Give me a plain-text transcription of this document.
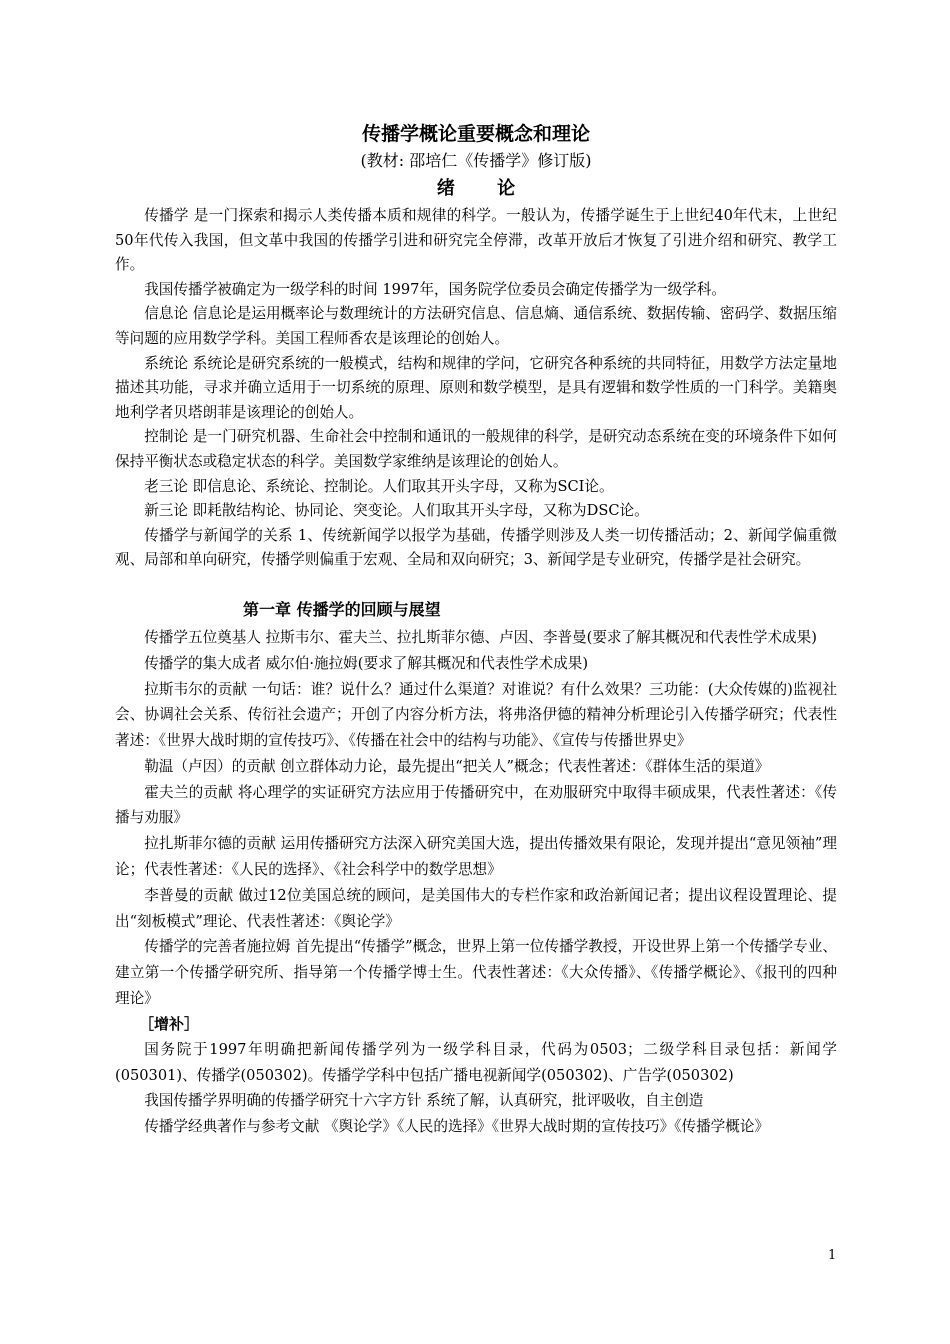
传播学概论重要概念和理论
(教材: 邵培仁《传播学》修订版)
绪 论

传播学 是一门探索和揭示人类传播本质和规律的科学。一般认为，传播学诞生于上世纪40年代末，上世纪50年代传入我国，但文革中我国的传播学引进和研究完全停滞，改革开放后才恢复了引进介绍和研究、教学工作。

我国传播学被确定为一级学科的时间 1997年，国务院学位委员会确定传播学为一级学科。

信息论 信息论是运用概率论与数理统计的方法研究信息、信息熵、通信系统、数据传输、密码学、数据压缩等问题的应用数学学科。美国工程师香农是该理论的创始人。

系统论 系统论是研究系统的一般模式，结构和规律的学问，它研究各种系统的共同特征，用数学方法定量地描述其功能，寻求并确立适用于一切系统的原理、原则和数学模型，是具有逻辑和数学性质的一门科学。美籍奥地利学者贝塔朗菲是该理论的创始人。

控制论 是一门研究机器、生命社会中控制和通讯的一般规律的科学，是研究动态系统在变的环境条件下如何保持平衡状态或稳定状态的科学。美国数学家维纳是该理论的创始人。

老三论 即信息论、系统论、控制论。人们取其开头字母，又称为SCI论。

新三论 即耗散结构论、协同论、突变论。人们取其开头字母，又称为DSC论。

传播学与新闻学的关系 1、传统新闻学以报学为基础，传播学则涉及人类一切传播活动；2、新闻学偏重微观、局部和单向研究，传播学则偏重于宏观、全局和双向研究；3、新闻学是专业研究，传播学是社会研究。

第一章 传播学的回顾与展望

传播学五位奠基人 拉斯韦尔、霍夫兰、拉扎斯菲尔德、卢因、李普曼(要求了解其概况和代表性学术成果)

传播学的集大成者 威尔伯·施拉姆(要求了解其概况和代表性学术成果)

拉斯韦尔的贡献 一句话：谁？说什么？通过什么渠道？对谁说？有什么效果？三功能：(大众传媒的)监视社会、协调社会关系、传衍社会遗产；开创了内容分析方法，将弗洛伊德的精神分析理论引入传播学研究；代表性著述：《世界大战时期的宣传技巧》、《传播在社会中的结构与功能》、《宣传与传播世界史》

勒温（卢因）的贡献 创立群体动力论，最先提出“把关人”概念；代表性著述：《群体生活的渠道》

霍夫兰的贡献 将心理学的实证研究方法应用于传播研究中，在劝服研究中取得丰硕成果，代表性著述：《传播与劝服》

拉扎斯菲尔德的贡献 运用传播研究方法深入研究美国大选，提出传播效果有限论，发现并提出“意见领袖”理论；代表性著述：《人民的选择》、《社会科学中的数学思想》

李普曼的贡献 做过12位美国总统的顾问，是美国伟大的专栏作家和政治新闻记者；提出议程设置理论、提出“刻板模式”理论、代表性著述：《舆论学》

传播学的完善者施拉姆 首先提出“传播学”概念，世界上第一位传播学教授，开设世界上第一个传播学专业、建立第一个传播学研究所、指导第一个传播学博士生。代表性著述：《大众传播》、《传播学概论》、《报刊的四种理论》

［增补］

国务院于1997年明确把新闻传播学列为一级学科目录，代码为0503；二级学科目录包括：新闻学(050301)、传播学(050302)。传播学学科中包括广播电视新闻学(050302)、广告学(050302)

我国传播学界明确的传播学研究十六字方针 系统了解，认真研究，批评吸收，自主创造

传播学经典著作与参考文献 《舆论学》《人民的选择》《世界大战时期的宣传技巧》《传播学概论》

1
